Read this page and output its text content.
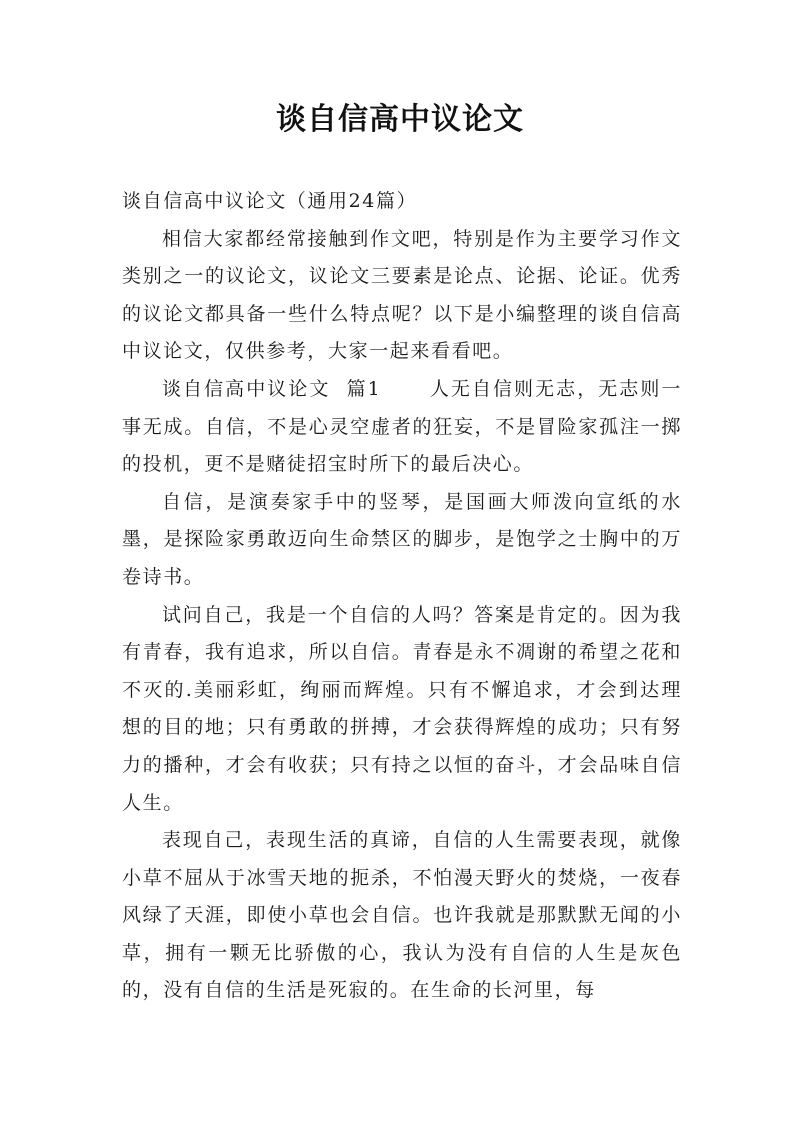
谈自信高中议论文

谈自信高中议论文（通用24篇）

相信大家都经常接触到作文吧，特别是作为主要学习作文类别之一的议论文，议论文三要素是论点、论据、论证。优秀的议论文都具备一些什么特点呢？以下是小编整理的谈自信高中议论文，仅供参考，大家一起来看看吧。

谈自信高中议论文  篇1      人无自信则无志，无志则一事无成。自信，不是心灵空虚者的狂妄，不是冒险家孤注一掷的投机，更不是赌徒招宝时所下的最后决心。

自信，是演奏家手中的竖琴，是国画大师泼向宣纸的水墨，是探险家勇敢迈向生命禁区的脚步，是饱学之士胸中的万卷诗书。

试问自己，我是一个自信的人吗？答案是肯定的。因为我有青春，我有追求，所以自信。青春是永不凋谢的希望之花和不灭的.美丽彩虹，绚丽而辉煌。只有不懈追求，才会到达理想的目的地；只有勇敢的拼搏，才会获得辉煌的成功；只有努力的播种，才会有收获；只有持之以恒的奋斗，才会品味自信人生。

表现自己，表现生活的真谛，自信的人生需要表现，就像小草不屈从于冰雪天地的扼杀，不怕漫天野火的焚烧，一夜春风绿了天涯，即使小草也会自信。也许我就是那默默无闻的小草，拥有一颗无比骄傲的心，我认为没有自信的人生是灰色的，没有自信的生活是死寂的。在生命的长河里，每
